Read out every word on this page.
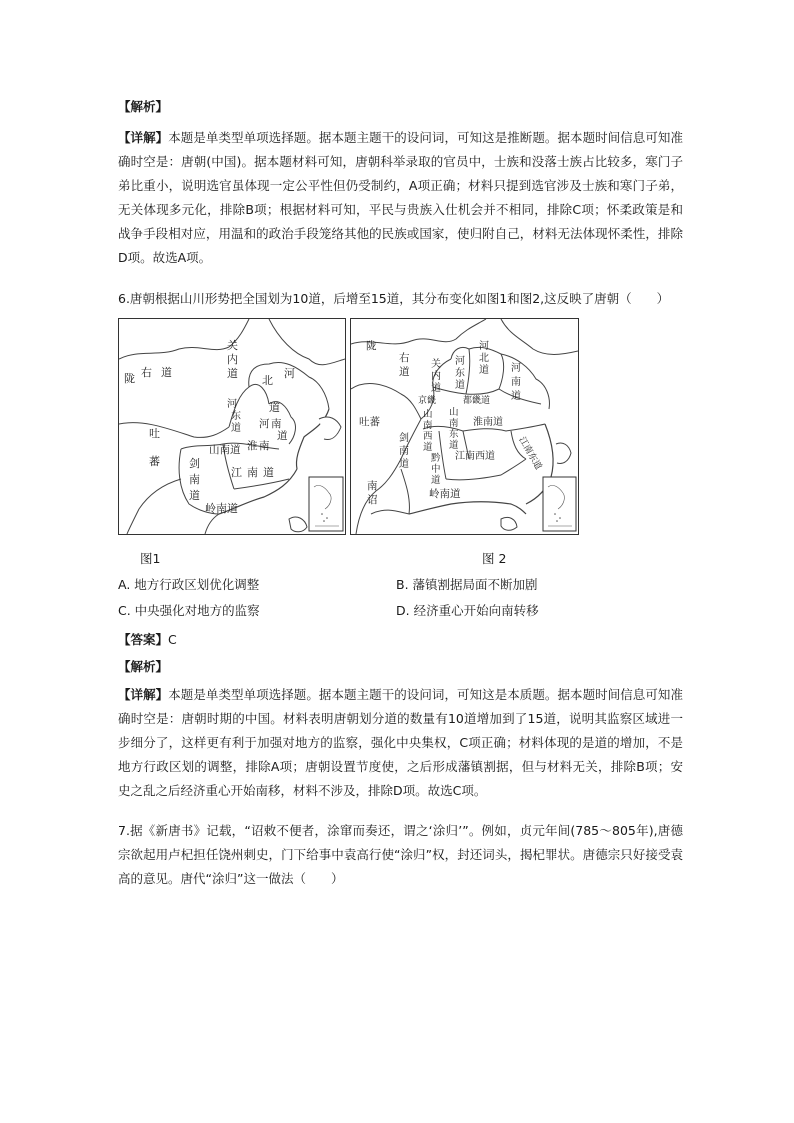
【解析】
【详解】本题是单类型单项选择题。据本题主题干的设问词，可知这是推断题。据本题时间信息可知准确时空是：唐朝(中国)。据本题材料可知，唐朝科举录取的官员中，士族和没落士族占比较多，寒门子弟比重小，说明选官虽体现一定公平性但仍受制约，A项正确；材料只提到选官涉及士族和寒门子弟，无关体现多元化，排除B项；根据材料可知，平民与贵族入仕机会并不相同，排除C项；怀柔政策是和战争手段相对应，用温和的政治手段笼络其他的民族或国家，使归附自己，材料无法体现怀柔性，排除D项。故选A项。
6.唐朝根据山川形势把全国划为10道，后增至15道，其分布变化如图1和图2,这反映了唐朝（　　）
关
内
道
陇 右 道
吐
蕃
河
北
道
河
东
道
山南道
河 南
淮 南
道
剑
南
道
江 南 道
岭南道
陇
右
道
关
内
道
河
东
道
河
北
道 河
南
道
京畿	都畿道
山
南
西
道
山
南
东
道
淮南道
吐蕃
剑
南
道
黔
中
道
江南西道 江南东道
南
诏	岭南道
图1	图 2
A. 地方行政区划优化调整	B. 藩镇割据局面不断加剧
C. 中央强化对地方的监察	D. 经济重心开始向南转移
【答案】C
【解析】
【详解】本题是单类型单项选择题。据本题主题干的设问词，可知这是本质题。据本题时间信息可知准确时空是：唐朝时期的中国。材料表明唐朝划分道的数量有10道增加到了15道，说明其监察区域进一步细分了，这样更有利于加强对地方的监察，强化中央集权，C项正确；材料体现的是道的增加，不是地方行政区划的调整，排除A项；唐朝设置节度使，之后形成藩镇割据，但与材料无关，排除B项；安史之乱之后经济重心开始南移，材料不涉及，排除D项。故选C项。
7.据《新唐书》记载，“诏敕不便者，涂窜而奏还，谓之‘涂归’”。例如，贞元年间(785～805年),唐德宗欲起用卢杞担任饶州刺史，门下给事中袁高行使“涂归”权，封还词头，揭杞罪状。唐德宗只好接受袁高的意见。唐代“涂归”这一做法（　　）
